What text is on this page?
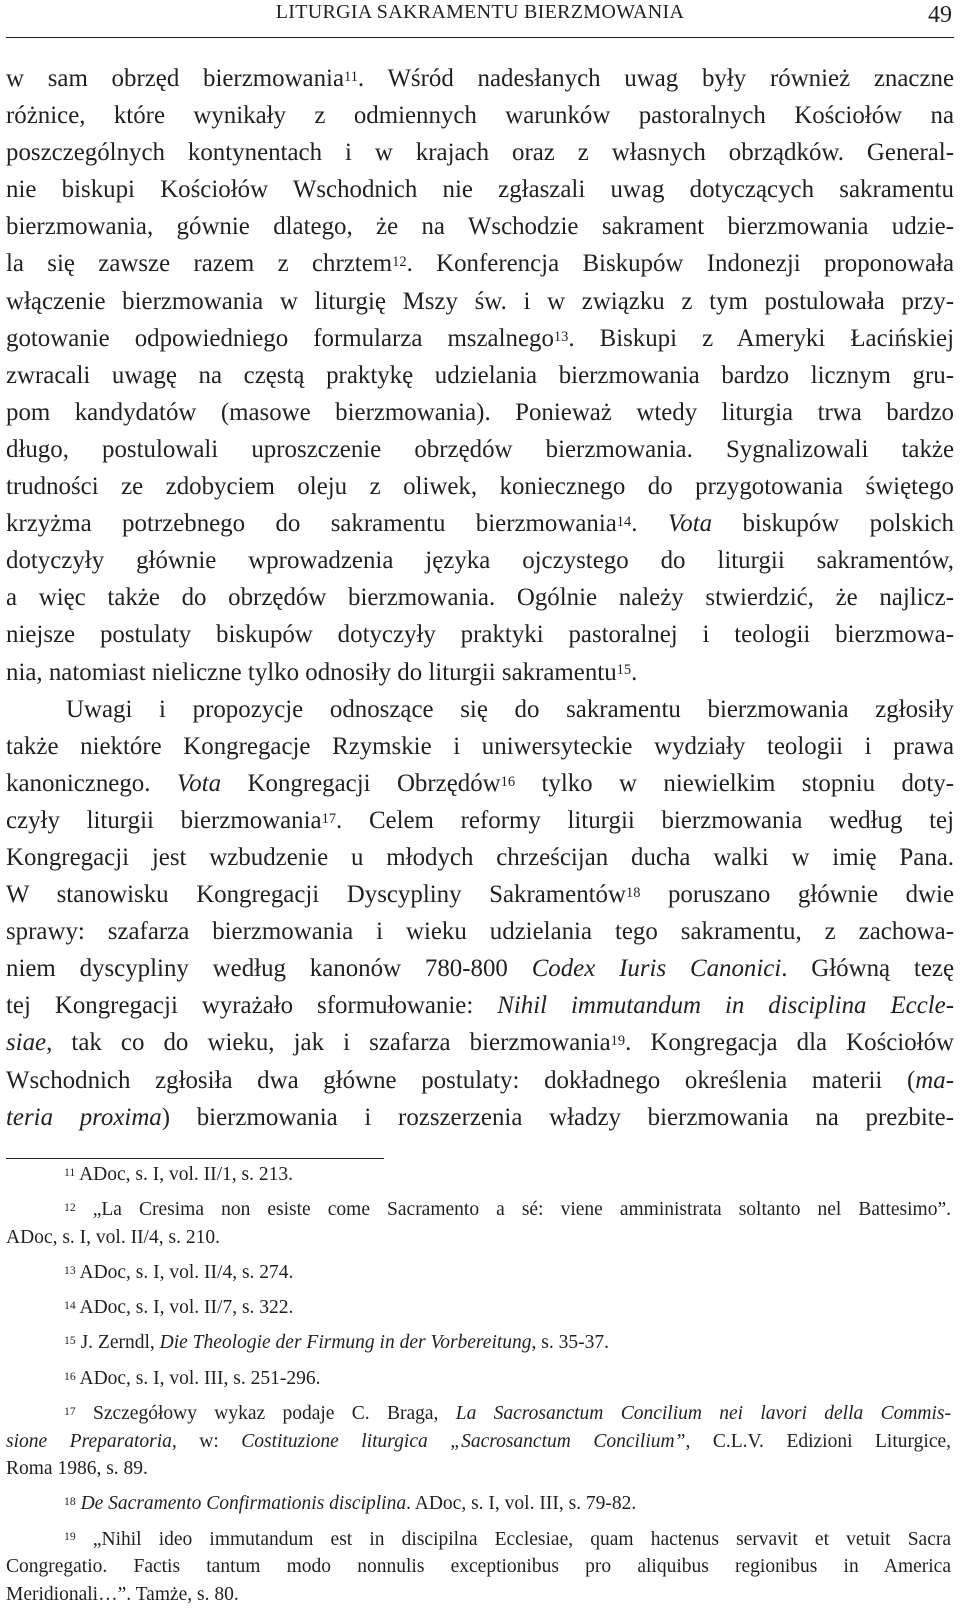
LITURGIA SAKRAMENTU BIERZMOWANIA	49
w sam obrzęd bierzmowania$^{11}$. Wśród nadesłanych uwag były również znaczne
różnice, które wynikały z odmiennych warunków pastoralnych Kościołów na
poszczególnych kontynentach i w krajach oraz z własnych obrządków. General-
nie biskupi Kościołów Wschodnich nie zgłaszali uwag dotyczących sakramentu
bierzmowania, gównie dlatego, że na Wschodzie sakrament bierzmowania udzie-
la się zawsze razem z chrztem$^{12}$. Konferencja Biskupów Indonezji proponowała
włączenie bierzmowania w liturgię Mszy św. i w związku z tym postulowała przy-
gotowanie odpowiedniego formularza mszalnego$^{13}$. Biskupi z Ameryki Łacińskiej
zwracali uwagę na częstą praktykę udzielania bierzmowania bardzo licznym gru-
pom kandydatów (masowe bierzmowania). Ponieważ wtedy liturgia trwa bardzo
długo, postulowali uproszczenie obrzędów bierzmowania. Sygnalizowali także
trudności ze zdobyciem oleju z oliwek, koniecznego do przygotowania świętego
krzyżma potrzebnego do sakramentu bierzmowania$^{14}$. Vota biskupów polskich
dotyczyły głównie wprowadzenia języka ojczystego do liturgii sakramentów,
a więc także do obrzędów bierzmowania. Ogólnie należy stwierdzić, że najlicz-
niejsze postulaty biskupów dotyczyły praktyki pastoralnej i teologii bierzmowa-
nia, natomiast nieliczne tylko odnosiły do liturgii sakramentu$^{15}$.
Uwagi i propozycje odnoszące się do sakramentu bierzmowania zgłosiły
także niektóre Kongregacje Rzymskie i uniwersyteckie wydziały teologii i prawa
kanonicznego. Vota Kongregacji Obrzędów$^{16}$ tylko w niewielkim stopniu doty-
czyły liturgii bierzmowania$^{17}$. Celem reformy liturgii bierzmowania według tej
Kongregacji jest wzbudzenie u młodych chrześcijan ducha walki w imię Pana.
W stanowisku Kongregacji Dyscypliny Sakramentów$^{18}$ poruszano głównie dwie
sprawy: szafarza bierzmowania i wieku udzielania tego sakramentu, z zachowa-
niem dyscypliny według kanonów 780-800 Codex Iuris Canonici. Główną tezę
tej Kongregacji wyrażało sformułowanie: Nihil immutandum in disciplina Eccle-
siae, tak co do wieku, jak i szafarza bierzmowania$^{19}$. Kongregacja dla Kościołów
Wschodnich zgłosiła dwa główne postulaty: dokładnego określenia materii (ma-
teria proxima) bierzmowania i rozszerzenia władzy bierzmowania na prezbite-
$^{11}$ ADoc, s. I, vol. II/1, s. 213.
$^{12}$ „La Cresima non esiste come Sacramento a sé: viene amministrata soltanto nel Battesimo”.
ADoc, s. I, vol. II/4, s. 210.
$^{13}$ ADoc, s. I, vol. II/4, s. 274.
$^{14}$ ADoc, s. I, vol. II/7, s. 322.
$^{15}$ J. Zerndl, Die Theologie der Firmung in der Vorbereitung, s. 35-37.
$^{16}$ ADoc, s. I, vol. III, s. 251-296.
$^{17}$ Szczegółowy wykaz podaje C. Braga, La Sacrosanctum Concilium nei lavori della Commis-
sione Preparatoria, w: Costituzione liturgica „Sacrosanctum Concilium”, C.L.V. Edizioni Liturgice,
Roma 1986, s. 89.
$^{18}$ De Sacramento Confirmationis disciplina. ADoc, s. I, vol. III, s. 79-82.
$^{19}$ „Nihil ideo immutandum est in discipilna Ecclesiae, quam hactenus servavit et vetuit Sacra
Congregatio. Factis tantum modo nonnulis exceptionibus pro aliquibus regionibus in America
Meridionali…”. Tamże, s. 80.
